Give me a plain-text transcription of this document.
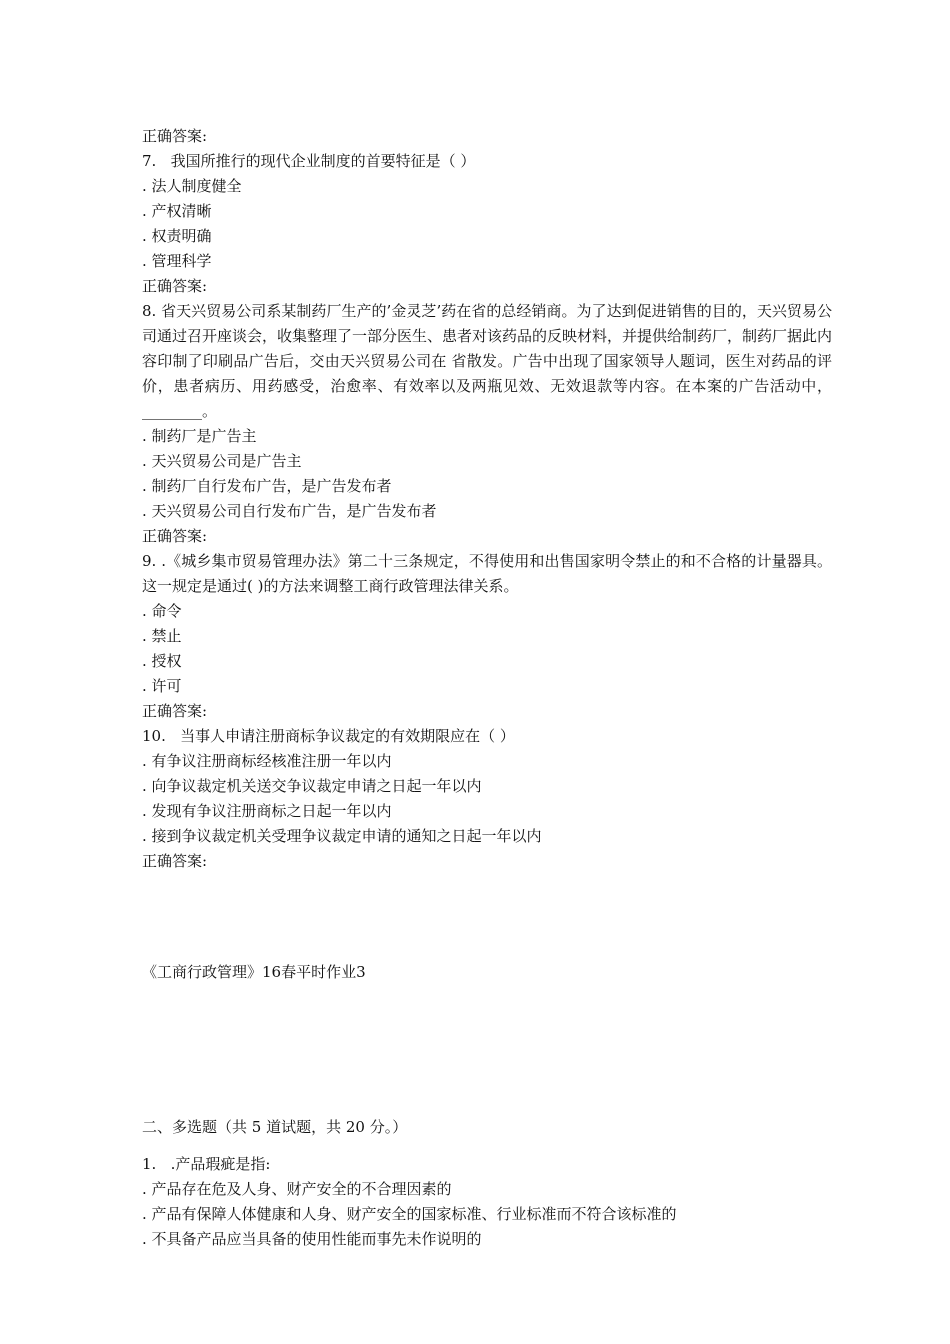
正确答案:

7.   我国所推行的现代企业制度的首要特征是（ ）

. 法人制度健全

. 产权清晰

. 权责明确

. 管理科学

正确答案:

8. 省天兴贸易公司系某制药厂生产的’金灵芝’药在省的总经销商。为了达到促进销售的目的，天兴贸易公司通过召开座谈会，收集整理了一部分医生、患者对该药品的反映材料，并提供给制药厂，制药厂据此内容印制了印刷品广告后，交由天兴贸易公司在 省散发。广告中出现了国家领导人题词，医生对药品的评价，患者病历、用药感受，治愈率、有效率以及两瓶见效、无效退款等内容。在本案的广告活动中，________。

. 制药厂是广告主

. 天兴贸易公司是广告主

. 制药厂自行发布广告，是广告发布者

. 天兴贸易公司自行发布广告，是广告发布者

正确答案:

9. .《城乡集市贸易管理办法》第二十三条规定，不得使用和出售国家明令禁止的和不合格的计量器具。这一规定是通过( )的方法来调整工商行政管理法律关系。

. 命令

. 禁止

. 授权

. 许可

正确答案:

10.   当事人申请注册商标争议裁定的有效期限应在（ ）

. 有争议注册商标经核准注册一年以内

. 向争议裁定机关送交争议裁定申请之日起一年以内

. 发现有争议注册商标之日起一年以内

. 接到争议裁定机关受理争议裁定申请的通知之日起一年以内

正确答案:

《工商行政管理》16春平时作业3

二、多选题（共 5 道试题，共 20 分。）

1.   .产品瑕疵是指:

. 产品存在危及人身、财产安全的不合理因素的

. 产品有保障人体健康和人身、财产安全的国家标准、行业标准而不符合该标准的

. 不具备产品应当具备的使用性能而事先未作说明的
